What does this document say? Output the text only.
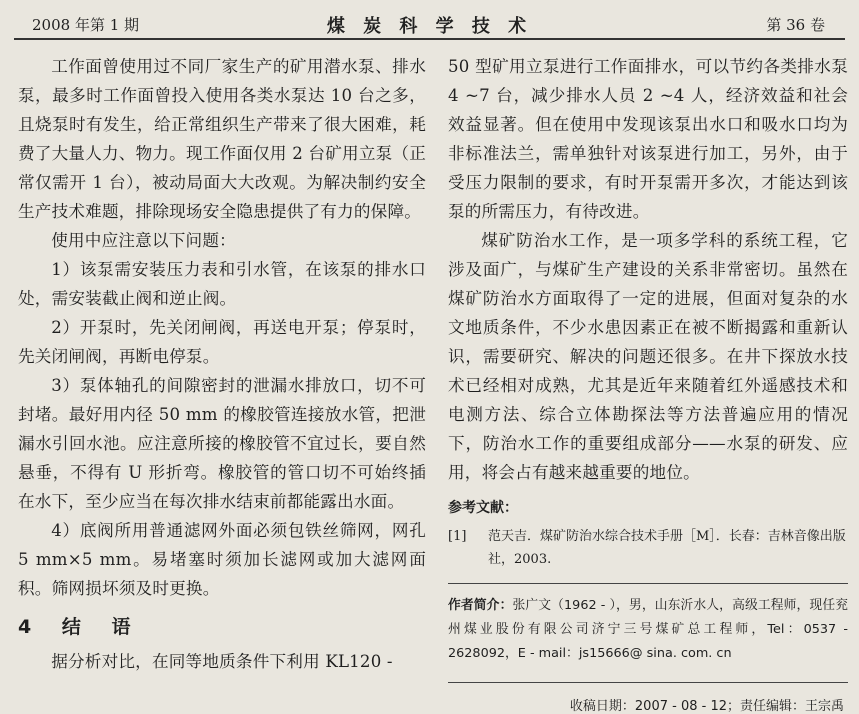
2008 年第 1 期	煤 炭 科 学 技 术	第 36 卷

工作面曾使用过不同厂家生产的矿用潜水泵、排水泵，最多时工作面曾投入使用各类水泵达 10 台之多，且烧泵时有发生，给正常组织生产带来了很大困难，耗费了大量人力、物力。现工作面仅用 2 台矿用立泵（正常仅需开 1 台），被动局面大大改观。为解决制约安全生产技术难题，排除现场安全隐患提供了有力的保障。

使用中应注意以下问题：

1）该泵需安装压力表和引水管，在该泵的排水口处，需安装截止阀和逆止阀。

2）开泵时，先关闭闸阀，再送电开泵；停泵时，先关闭闸阀，再断电停泵。

3）泵体轴孔的间隙密封的泄漏水排放口，切不可封堵。最好用内径 50 mm 的橡胶管连接放水管，把泄漏水引回水池。应注意所接的橡胶管不宜过长，要自然悬垂，不得有 U 形折弯。橡胶管的管口切不可始终插在水下，至少应当在每次排水结束前都能露出水面。

4）底阀所用普通滤网外面必须包铁丝筛网，网孔 5 mm×5 mm。易堵塞时须加长滤网或加大滤网面积。筛网损坏须及时更换。

4 结 语

据分析对比，在同等地质条件下利用 KL120 -

50 型矿用立泵进行工作面排水，可以节约各类排水泵 4 ~7 台，减少排水人员 2 ~4 人，经济效益和社会效益显著。但在使用中发现该泵出水口和吸水口均为非标准法兰，需单独针对该泵进行加工，另外，由于受压力限制的要求，有时开泵需开多次，才能达到该泵的所需压力，有待改进。

煤矿防治水工作，是一项多学科的系统工程，它涉及面广，与煤矿生产建设的关系非常密切。虽然在煤矿防治水方面取得了一定的进展，但面对复杂的水文地质条件，不少水患因素正在被不断揭露和重新认识，需要研究、解决的问题还很多。在井下探放水技术已经相对成熟，尤其是近年来随着红外遥感技术和电测方法、综合立体勘探法等方法普遍应用的情况下，防治水工作的重要组成部分——水泵的研发、应用，将会占有越来越重要的地位。

参考文献：
[1]	范天吉．煤矿防治水综合技术手册［M］．长春：吉林音像出版社，2003.
作者简介：张广文（1962 - ），男，山东沂水人，高级工程师，现任兖州煤业股份有限公司济宁三号煤矿总工程师，Tel：0537 - 2628092，E - mail：js15666@ sina. com. cn
收稿日期：2007 - 08 - 12；责任编辑：王宗禹
